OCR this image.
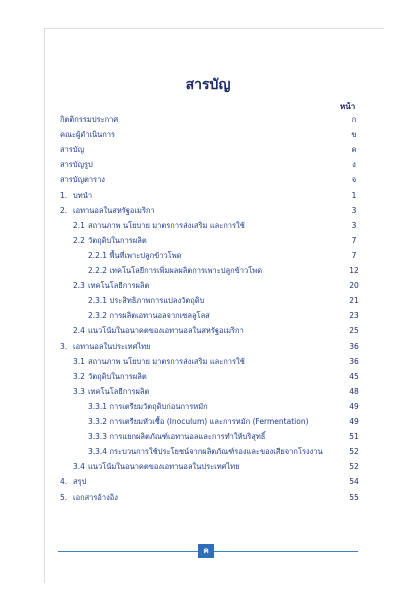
สารบัญ
หน้า
กิตติกรรมประกาศ	ก
คณะผู้ดำเนินการ	ข
สารบัญ	ค
สารบัญรูป	ง
สารบัญตาราง	จ
1. บทนำ	1
2. เอทานอลในสหรัฐอเมริกา	3
2.1 สถานภาพ นโยบาย มาตรการส่งเสริม และการใช้	3
2.2 วัตถุดิบในการผลิต	7
2.2.1 พื้นที่เพาะปลูกข้าวโพด	7
2.2.2 เทคโนโลยีการเพิ่มผลผลิตการเพาะปลูกข้าวโพด	12
2.3 เทคโนโลยีการผลิต	20
2.3.1 ประสิทธิภาพการแปลงวัตถุดิบ	21
2.3.2 การผลิตเอทานอลจากเซลลูโลส	23
2.4 แนวโน้มในอนาคตของเอทานอลในสหรัฐอเมริกา	25
3. เอทานอลในประเทศไทย	36
3.1 สถานภาพ นโยบาย มาตรการส่งเสริม และการใช้	36
3.2 วัตถุดิบในการผลิต	45
3.3 เทคโนโลยีการผลิต	48
3.3.1 การเตรียมวัตถุดิบก่อนการหมัก	49
3.3.2 การเตรียมหัวเชื้อ (Inoculum) และการหมัก (Fermentation)	49
3.3.3 การแยกผลิตภัณฑ์เอทานอลและการทำให้บริสุทธิ์	51
3.3.4 กระบวนการใช้ประโยชน์จากผลิตภัณฑ์รองและของเสียจากโรงงาน	52
3.4 แนวโน้มในอนาคตของเอทานอลในประเทศไทย	52
4. สรุป	54
5. เอกสารอ้างอิง	55
ค
